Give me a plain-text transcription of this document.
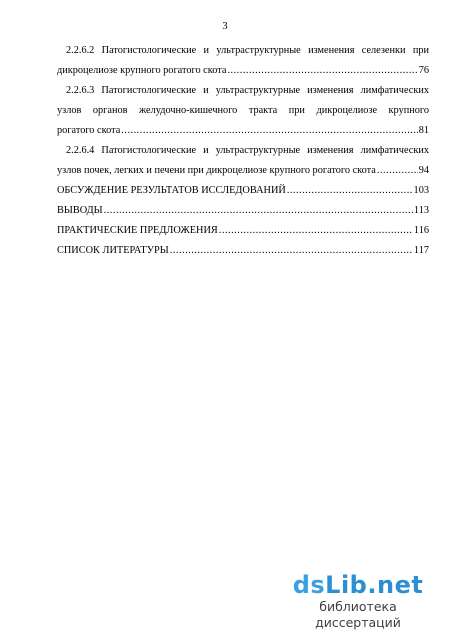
3
2.2.6.2 Патогистологические и ультраструктурные изменения селезенки при
дикроцелиозе крупного рогатого скота .....	76
2.2.6.3 Патогистологические и ультраструктурные изменения лимфатических
узлов органов желудочно-кишечного тракта при дикроцелиозе крупного
рогатого скота .....	81
2.2.6.4 Патогистологические и ультраструктурные изменения лимфатических
узлов почек, легких и печени при дикроцелиозе крупного рогатого скота .....	94
ОБСУЖДЕНИЕ РЕЗУЛЬТАТОВ ИССЛЕДОВАНИЙ .....	103
ВЫВОДЫ .....	113
ПРАКТИЧЕСКИЕ ПРЕДЛОЖЕНИЯ .....	116
СПИСОК ЛИТЕРАТУРЫ .....	117
dsLib.net
библиотека диссертаций
